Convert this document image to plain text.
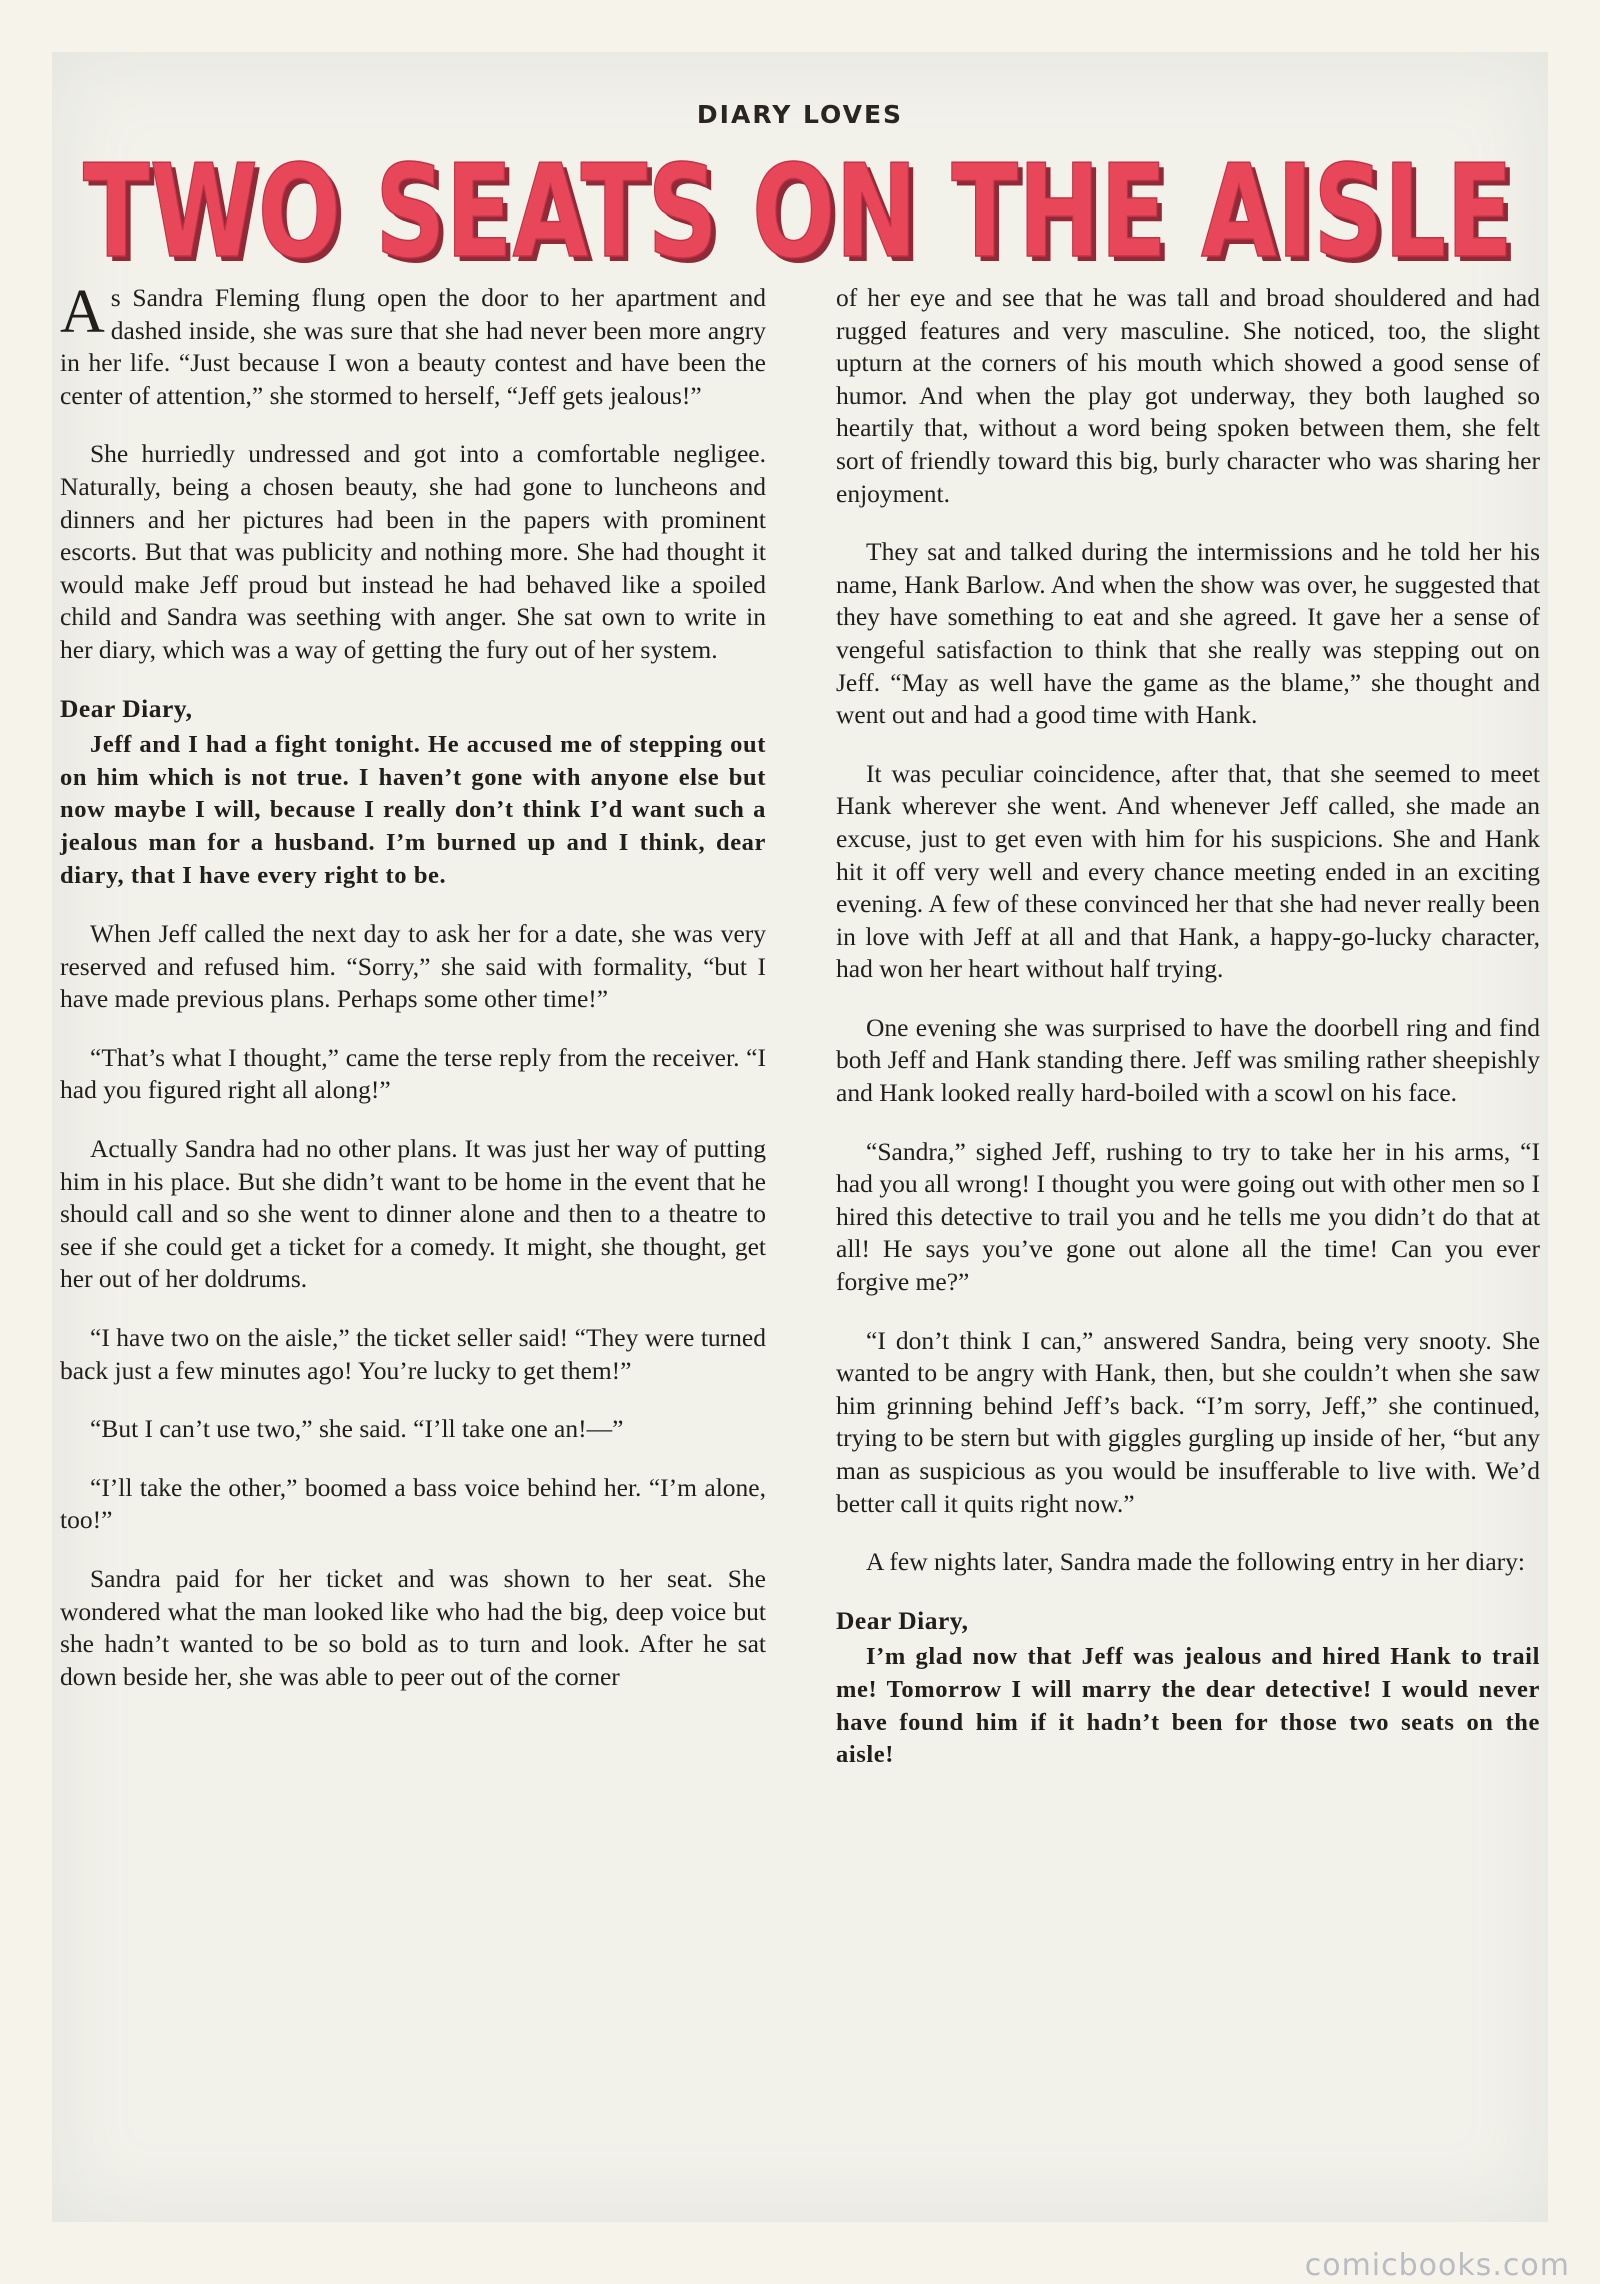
DIARY LOVES
TWO SEATS ON THE AISLE
TWO SEATS ON THE AISLE

As Sandra Fleming flung open the door to her apartment and dashed inside, she was sure that she had never been more angry in her life. “Just because I won a beauty contest and have been the center of attention,” she stormed to herself, “Jeff gets jealous!”

She hurriedly undressed and got into a comfortable negligee. Naturally, being a chosen beauty, she had gone to luncheons and dinners and her pictures had been in the papers with prominent escorts. But that was publicity and nothing more. She had thought it would make Jeff proud but instead he had behaved like a spoiled child and Sandra was seething with anger. She sat own to write in her diary, which was a way of getting the fury out of her system.

Dear Diary,

Jeff and I had a fight tonight. He accused me of stepping out on him which is not true. I haven’t gone with anyone else but now maybe I will, because I really don’t think I’d want such a jealous man for a husband. I’m burned up and I think, dear diary, that I have every right to be.

When Jeff called the next day to ask her for a date, she was very reserved and refused him. “Sorry,” she said with formality, “but I have made previous plans. Perhaps some other time!”

“That’s what I thought,” came the terse reply from the receiver. “I had you figured right all along!”

Actually Sandra had no other plans. It was just her way of putting him in his place. But she didn’t want to be home in the event that he should call and so she went to dinner alone and then to a theatre to see if she could get a ticket for a comedy. It might, she thought, get her out of her doldrums.

“I have two on the aisle,” the ticket seller said! “They were turned back just a few minutes ago! You’re lucky to get them!”

“But I can’t use two,” she said. “I’ll take one an!—”

“I’ll take the other,” boomed a bass voice behind her. “I’m alone, too!”

Sandra paid for her ticket and was shown to her seat. She wondered what the man looked like who had the big, deep voice but she hadn’t wanted to be so bold as to turn and look. After he sat down beside her, she was able to peer out of the corner

of her eye and see that he was tall and broad shouldered and had rugged features and very masculine. She noticed, too, the slight upturn at the corners of his mouth which showed a good sense of humor. And when the play got underway, they both laughed so heartily that, without a word being spoken between them, she felt sort of friendly toward this big, burly character who was sharing her enjoyment.

They sat and talked during the intermissions and he told her his name, Hank Barlow. And when the show was over, he suggested that they have something to eat and she agreed. It gave her a sense of vengeful satisfaction to think that she really was stepping out on Jeff. “May as well have the game as the blame,” she thought and went out and had a good time with Hank.

It was peculiar coincidence, after that, that she seemed to meet Hank wherever she went. And whenever Jeff called, she made an excuse, just to get even with him for his suspicions. She and Hank hit it off very well and every chance meeting ended in an exciting evening. A few of these convinced her that she had never really been in love with Jeff at all and that Hank, a happy-go-lucky character, had won her heart without half trying.

One evening she was surprised to have the doorbell ring and find both Jeff and Hank standing there. Jeff was smiling rather sheepishly and Hank looked really hard-boiled with a scowl on his face.

“Sandra,” sighed Jeff, rushing to try to take her in his arms, “I had you all wrong! I thought you were going out with other men so I hired this detective to trail you and he tells me you didn’t do that at all! He says you’ve gone out alone all the time! Can you ever forgive me?”

“I don’t think I can,” answered Sandra, being very snooty. She wanted to be angry with Hank, then, but she couldn’t when she saw him grinning behind Jeff’s back. “I’m sorry, Jeff,” she continued, trying to be stern but with giggles gurgling up inside of her, “but any man as suspicious as you would be insufferable to live with. We’d better call it quits right now.”

A few nights later, Sandra made the following entry in her diary:

Dear Diary,

I’m glad now that Jeff was jealous and hired Hank to trail me! Tomorrow I will marry the dear detective! I would never have found him if it hadn’t been for those two seats on the aisle!

comicbooks.com
